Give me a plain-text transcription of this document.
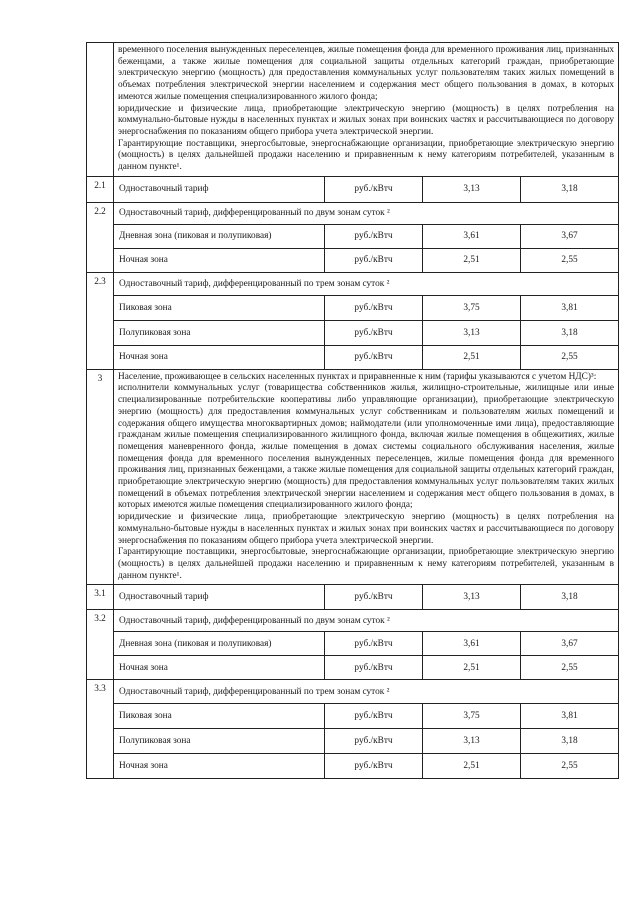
	временного поселения вынужденных переселенцев, жилые помещения фонда для временного проживания лиц, признанных беженцами, а также жилые помещения для социальной защиты отдельных категорий граждан, приобретающие электрическую энергию (мощность) для предоставления коммунальных услуг пользователям таких жилых помещений в объемах потребления электрической энергии населением и содержания мест общего пользования в домах, в которых имеются жилые помещения специализированного жилого фонда;

юридические и физические лица, приобретающие электрическую энергию (мощность) в целях потребления на коммунально-бытовые нужды в населенных пунктах и жилых зонах при воинских частях и рассчитывающиеся по договору энергоснабжения по показаниям общего прибора учета электрической энергии.

Гарантирующие поставщики, энергосбытовые, энергоснабжающие организации, приобретающие электрическую энергию (мощность) в целях дальнейшей продажи населению и приравненным к нему категориям потребителей, указанным в данном пункте¹.			

2.1	Одноставочный тариф	руб./кВтч	3,13	3,18
2.2	Одноставочный тариф, дифференцированный по двум зонам суток ²			
	Дневная зона (пиковая и полупиковая)	руб./кВтч	3,61	3,67
	Ночная зона	руб./кВтч	2,51	2,55
2.3	Одноставочный тариф, дифференцированный по трем зонам суток ²			
	Пиковая зона	руб./кВтч	3,75	3,81
	Полупиковая зона	руб./кВтч	3,13	3,18
	Ночная зона	руб./кВтч	2,51	2,55
3	Население, проживающее в сельских населенных пунктах и приравненные к ним (тарифы указываются с учетом НДС)³:

исполнители коммунальных услуг (товарищества собственников жилья, жилищно-строительные, жилищные или иные специализированные потребительские кооперативы либо управляющие организации), приобретающие электрическую энергию (мощность) для предоставления коммунальных услуг собственникам и пользователям жилых помещений и содержания общего имущества многоквартирных домов; наймодатели (или уполномоченные ими лица), предоставляющие гражданам жилые помещения специализированного жилищного фонда, включая жилые помещения в общежитиях, жилые помещения маневренного фонда, жилые помещения в домах системы социального обслуживания населения, жилые помещения фонда для временного поселения вынужденных переселенцев, жилые помещения фонда для временного проживания лиц, признанных беженцами, а также жилые помещения для социальной защиты отдельных категорий граждан, приобретающие электрическую энергию (мощность) для предоставления коммунальных услуг пользователям таких жилых помещений в объемах потребления электрической энергии населением и содержания мест общего пользования в домах, в которых имеются жилые помещения специализированного жилого фонда;

юридические и физические лица, приобретающие электрическую энергию (мощность) в целях потребления на коммунально-бытовые нужды в населенных пунктах и жилых зонах при воинских частях и рассчитывающиеся по договору энергоснабжения по показаниям общего прибора учета электрической энергии.

Гарантирующие поставщики, энергосбытовые, энергоснабжающие организации, приобретающие электрическую энергию (мощность) в целях дальнейшей продажи населению и приравненным к нему категориям потребителей, указанным в данном пункте¹.			

3.1	Одноставочный тариф	руб./кВтч	3,13	3,18
3.2	Одноставочный тариф, дифференцированный по двум зонам суток ²			
	Дневная зона (пиковая и полупиковая)	руб./кВтч	3,61	3,67
	Ночная зона	руб./кВтч	2,51	2,55
3.3	Одноставочный тариф, дифференцированный по трем зонам суток ²			
	Пиковая зона	руб./кВтч	3,75	3,81
	Полупиковая зона	руб./кВтч	3,13	3,18
	Ночная зона	руб./кВтч	2,51	2,55
